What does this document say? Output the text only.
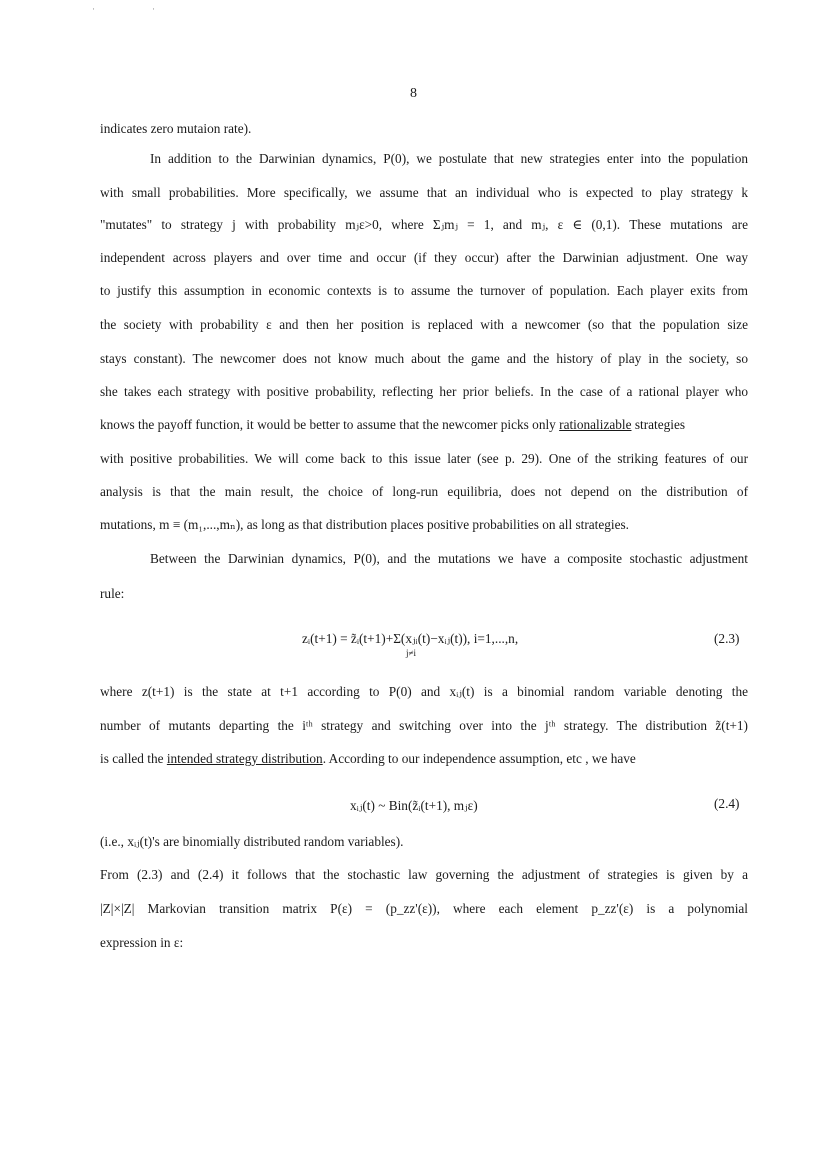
·	·
8
indicates zero mutaion rate).
In addition to the Darwinian dynamics, P(0), we postulate that new strategies enter into the population
with small probabilities. More specifically, we assume that an individual who is expected to play strategy k
"mutates" to strategy j with probability mⱼε>0, where Σⱼmⱼ = 1, and mⱼ, ε ∈ (0,1). These mutations are
independent across players and over time and occur (if they occur) after the Darwinian adjustment. One way
to justify this assumption in economic contexts is to assume the turnover of population. Each player exits from
the society with probability ε and then her position is replaced with a newcomer (so that the population size
stays constant). The newcomer does not know much about the game and the history of play in the society, so
she takes each strategy with positive probability, reflecting her prior beliefs. In the case of a rational player who
knows the payoff function, it would be better to assume that the newcomer picks only rationalizable strategies
with positive probabilities. We will come back to this issue later (see p. 29). One of the striking features of our
analysis is that the main result, the choice of long-run equilibria, does not depend on the distribution of
mutations, m ≡ (m₁,...,mₙ), as long as that distribution places positive probabilities on all strategies.
Between the Darwinian dynamics, P(0), and the mutations we have a composite stochastic adjustment
rule:
zᵢ(t+1) = z̃ᵢ(t+1)+Σ(xⱼᵢ(t)−xᵢⱼ(t)), i=1,...,n,
j≠i
(2.3)
where z(t+1) is the state at t+1 according to P(0) and xᵢⱼ(t) is a binomial random variable denoting the
number of mutants departing the iᵗʰ strategy and switching over into the jᵗʰ strategy. The distribution z̃(t+1)
is called the intended strategy distribution. According to our independence assumption, etc , we have
xᵢⱼ(t) ~ Bin(z̃ᵢ(t+1), mⱼε)	(2.4)
(i.e., xᵢⱼ(t)'s are binomially distributed random variables).
From (2.3) and (2.4) it follows that the stochastic law governing the adjustment of strategies is given by a
|Z|×|Z| Markovian transition matrix P(ε) = (p_zz'(ε)), where each element p_zz'(ε) is a polynomial
expression in ε:
